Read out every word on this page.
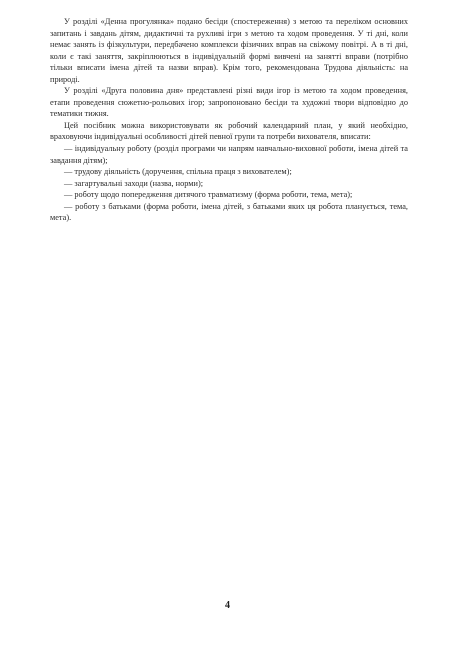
У розділі «Денна прогулянка» подано бесіди (спостереження) з метою та переліком основних запитань і завдань дітям, дидактичні та рухливі ігри з метою та ходом проведення. У ті дні, коли немає занять із фізкультури, передбачено комплекси фізичних вправ на свіжому повітрі. А в ті дні, коли є такі заняття, закріплюються в індивідуальній формі вивчені на занятті вправи (потрібно тільки вписати імена дітей та назви вправ). Крім того, рекомендована Трудова діяльність: на природі.

У розділі «Друга половина дня» представлені різні види ігор із метою та ходом проведення, етапи проведення сюжетно-рольових ігор; запропоновано бесіди та художні твори відповідно до тематики тижня.

Цей посібник можна використовувати як робочий календарний план, у який необхідно, враховуючи індивідуальні особливості дітей певної групи та потреби вихователя, вписати:

— індивідуальну роботу (розділ програми чи напрям навчально-виховної роботи, імена дітей та завдання дітям);

— трудову діяльність (доручення, спільна праця з вихователем);

— загартувальні заходи (назва, норми);

— роботу щодо попередження дитячого травматизму (форма роботи, тема, мета);

— роботу з батьками (форма роботи, імена дітей, з батьками яких ця робота планується, тема, мета).

4
